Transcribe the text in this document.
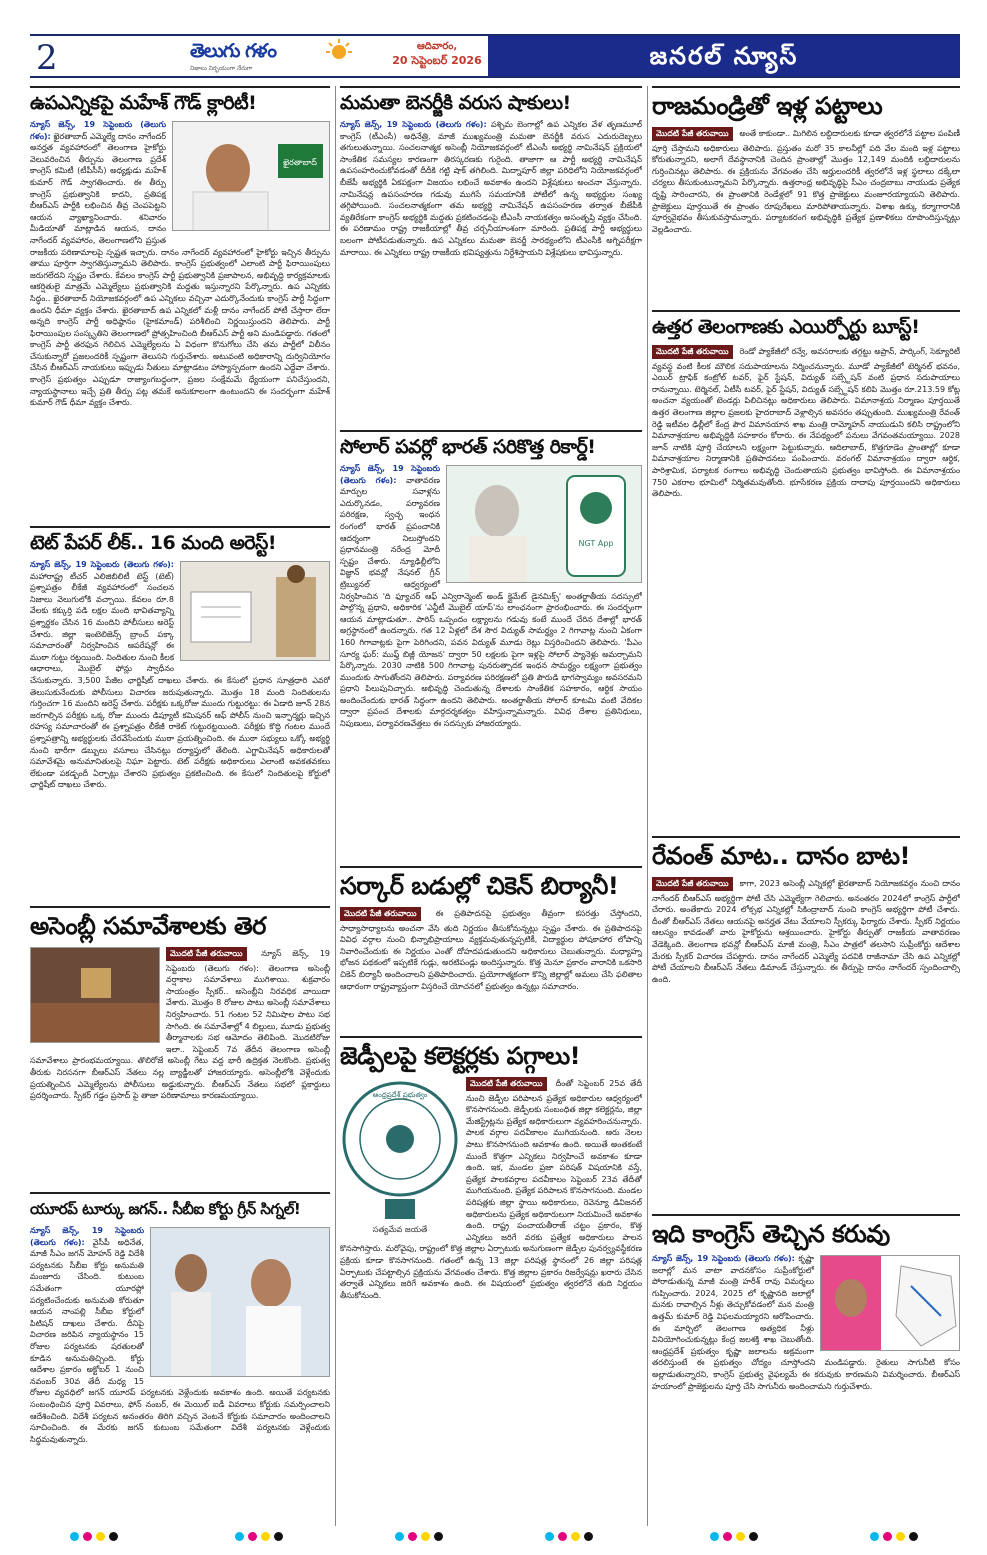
2	తెలుగు గళం
నిజాలు నిర్భయంగా నేరుగా
ఆదివారం,
20 సెప్టెంబర్ 2026	జనరల్ న్యూస్
ఉపఎన్నికపై మహేశ్ గౌడ్ క్లారిటీ!
ఖైరతాబాద్
న్యూస్ జెన్స్, 19 సెప్టెంబరు (తెలుగు గళం): ఖైరతాబాద్ ఎమ్మెల్యే దానం నాగేందర్ అనర్హత వ్యవహారంలో తెలంగాణ హైకోర్టు వెలువరించిన తీర్పును తెలంగాణ ప్రదేశ్ కాంగ్రెస్ కమిటీ (టీపీసీసీ) అధ్యక్షుడు మహేశ్ కుమార్ గౌడ్ స్వాగతించారు. ఈ తీర్పు కాంగ్రెస్ ప్రభుత్వానికి కాదని, ప్రతిపక్ష బీఆర్ఎస్ పార్టీకి లభించిన తీవ్ర చెంపపెట్టని ఆయన వ్యాఖ్యానించారు. శనివారం మీడియాతో మాట్లాడిన ఆయన, దానం నాగేందర్ వ్యవహారం, తెలంగాణలోని ప్రస్తుత రాజకీయ పరిణామాలపై స్పష్టత ఇచ్చారు. దానం నాగేందర్ వ్యవహారంలో హైకోర్టు ఇచ్చిన తీర్పును తాము పూర్తిగా స్వాగతిస్తున్నామని తెలిపారు. కాంగ్రెస్ ప్రభుత్వంలో ఎలాంటి పార్టీ ఫిరాయింపులు జరుగలేదని స్పష్టం చేశారు. కేవలం కాంగ్రెస్ పార్టీ ప్రభుత్వానికి ప్రజాపాలన, అభివృద్ధి కార్యక్రమాలకు ఆకర్షితులై మాత్రమే ఎమ్మెల్యేలు ప్రభుత్వానికి మద్దతు ఇస్తున్నారని పేర్కొన్నారు. ఉప ఎన్నికకు సిద్ధం.. ఖైరతాబాద్ నియోజకవర్గంలో ఉప ఎన్నికలు వచ్చినా ఎదుర్కొనేందుకు కాంగ్రెస్ పార్టీ సిద్ధంగా ఉందని ధీమా వ్యక్తం చేశారు. ఖైరతాబాద్ ఉప ఎన్నికలో మళ్లీ దానం నాగేందర్ పోటీ చేస్తారా లేదా అన్నది కాంగ్రెస్ పార్టీ అధిష్ఠానం (హైకమాండ్) పరిశీలించి నిర్ణయిస్తుందని తెలిపారు. పార్టీ ఫిరాయింపుల సంస్కృతిని తెలంగాణలో ప్రోత్సహించింది బీఆర్ఎస్ పార్టీ అని మండిపడ్డారు. గతంలో కాంగ్రెస్ పార్టీ తరఫున గెలిచిన ఎమ్మెల్యేలను ఏ విధంగా కొనుగోలు చేసి తమ పార్టీలో విలీనం చేసుకున్నారో ప్రజలందరికీ స్పష్టంగా తెలుసని గుర్తుచేశారు. అటువంటి అధికారాన్ని దుర్వినియోగం చేసిన బీఆర్ఎస్ నాయకులు ఇప్పుడు నీతులు మాట్లాడటం హాస్యాస్పదంగా ఉందని ఎద్దేవా చేశారు. కాంగ్రెస్ ప్రభుత్వం ఎప్పుడూ రాజ్యాంగబద్ధంగా, ప్రజల సంక్షేమమే ధ్యేయంగా పనిచేస్తుందని, న్యాయస్థానాలు ఇచ్చే ప్రతి తీర్పు పట్ల తమకే అనుకూలంగా ఉంటుందని ఈ సందర్భంగా మహేశ్ కుమార్ గౌడ్ ధీమా వ్యక్తం చేశారు.
టెట్ పేపర్ లీక్.. 16 మంది అరెస్ట్!
న్యూస్ జెన్స్, 19 సెప్టెంబరు (తెలుగు గళం): మహారాష్ట్ర టీచర్ ఎలిజిబిలిటీ టెస్ట్ (టెట్) ప్రశ్నాపత్రం లీకేజీ వ్యవహారంలో సంచలన నిజాలు వెలుగులోకి వచ్చాయి. కేవలం రూ.8 వేలకు కక్కుర్తి పడి లక్షల మంది భావితవ్యాన్ని ప్రశ్నార్థకం చేసిన 16 మందిని పోలీసులు అరెస్ట్ చేశారు. జిల్లా ఇంటెలిజెన్స్ బ్రాంచ్ పక్కా సమాచారంతో నిర్వహించిన ఆపరేషన్లో ఈ ముఠా గుట్టు రట్టయింది. నిందితుల నుంచి కీలక ఆధారాలు, మొబైల్ ఫోన్లు స్వాధీనం చేసుకున్నారు. 3,500 పేజీల ఛార్జిషీట్ దాఖలు చేశారు. ఈ కేసులో ప్రధాన సూత్రధారి ఎవరో తెలుసుకునేందుకు పోలీసులు విచారణ జరుపుతున్నారు. మొత్తం 18 మంది నిందితులను గుర్తించగా 16 మందిని అరెస్ట్ చేశారు. పరీక్షకు ఒక్కరోజు ముందు గుట్టురట్టు: ఈ ఏడాది జూన్ 28న జరగాల్సిన పరీక్షకు ఒక్క రోజు ముందు డిప్యూటీ కమిషనర్ ఆఫ్ పోలీస్ నుంచి ఇన్ఫార్మర్లు ఇచ్చిన రహస్య సమాచారంతో ఈ ప్రశ్నాపత్రం లీకేజీ రాకెట్ గుట్టురట్టయింది. పరీక్షకు కొద్ది గంటల ముందే ప్రశ్నాపత్రాన్ని అభ్యర్థులకు చేరవేసేందుకు ముఠా ప్రయత్నించింది. ఈ ముఠా సభ్యులు ఒక్కో అభ్యర్థి నుంచి భారీగా డబ్బులు వసూలు చేసినట్లు దర్యాప్తులో తేలింది. ఎగ్జామినేషన్ అధికారులతో సమావేశమై అనుమానితులపై నిఘా పెట్టారు. టెట్ పరీక్షకు అధికారులు ఎలాంటి అవకతవకలు లేకుండా పకడ్బందీ ఏర్పాట్లు చేశారని ప్రభుత్వం ప్రకటించింది. ఈ కేసులో నిందితులపై కోర్టులో ఛార్జిషీట్ దాఖలు చేశారు.
అసెంబ్లీ సమావేశాలకు తెర
మొదటి పేజీ తరువాయి న్యూస్ జెన్స్, 19 సెప్టెంబరు (తెలుగు గళం): తెలంగాణ అసెంబ్లీ వర్షాకాల సమావేశాలు ముగిశాయి. శుక్రవారం సాయంత్రం స్పీకర్.. అసెంబ్లీని నిరవధిక వాయిదా వేశారు. మొత్తం 8 రోజుల పాటు అసెంబ్లీ సమావేశాలు నిర్వహించారు. 51 గంటల 52 నిమిషాల పాటు సభ సాగింది. ఈ సమావేశాల్లో 4 బిల్లులు, మూడు ప్రభుత్వ తీర్మానాలకు సభ ఆమోదం తెలిపింది. మొదటిరోజు ఇలా.. సెప్టెంబర్ 7వ తేదీన తెలంగాణ అసెంబ్లీ సమావేశాలు ప్రారంభమయ్యాయి. తొలిరోజే అసెంబ్లీ గేటు వద్ద భారీ ఉద్రిక్తత నెలకొంది. ప్రభుత్వ తీరుకు నిరసనగా బీఆర్ఎస్ నేతలు నల్ల బ్యాడ్జీలతో హాజరయ్యారు. అసెంబ్లీలోకి వెళ్లేందుకు ప్రయత్నించిన ఎమ్మెల్యేలను పోలీసులు అడ్డుకున్నారు. బీఆర్ఎస్ నేతలు సభలో ప్లకార్డులు ప్రదర్శించారు. స్పీకర్ గడ్డం ప్రసాద్ పై తాజా పరిణామాలు కారణమయ్యాయి.
యూరప్ టూర్కు జగన్.. సీబీఐ కోర్టు గ్రీన్ సిగ్నల్!
న్యూస్ జెన్స్, 19 సెప్టెంబరు (తెలుగు గళం): వైసీపీ అధినేత, మాజీ సీఎం జగన్ మోహన్ రెడ్డి విదేశీ పర్యటనకు సీబీఐ కోర్టు అనుమతి మంజూరు చేసింది. కుటుంబ సమేతంగా యూరప్లో పర్యటించేందుకు అనుమతి కోరుతూ ఆయన నాంపల్లి సీబీఐ కోర్టులో పిటిషన్ దాఖలు చేశారు. దీనిపై విచారణ జరిపిన న్యాయస్థానం 15 రోజుల పర్యటనకు షరతులతో కూడిన అనుమతిచ్చింది. కోర్టు ఆదేశాల ప్రకారం అక్టోబర్ 1 నుంచి నవంబర్ 30వ తేదీ మధ్య 15 రోజుల వ్యవధిలో జగన్ యూరప్ పర్యటనకు వెళ్లేందుకు అవకాశం ఉంది. అయితే పర్యటనకు సంబంధించిన పూర్తి వివరాలు, ఫోన్ నంబర్, ఈ మెయిల్ ఐడీ వివరాలు కోర్టుకు సమర్పించాలని ఆదేశించింది. విదేశీ పర్యటన అనంతరం తిరిగి వచ్చిన వెంటనే కోర్టుకు సమాచారం అందించాలని సూచించింది. ఈ మేరకు జగన్ కుటుంబ సమేతంగా విదేశీ పర్యటనకు వెళ్లేందుకు సిద్ధమవుతున్నారు.
మమతా బెనర్జీకి వరుస షాకులు!
న్యూస్ జెన్స్, 19 సెప్టెంబరు (తెలుగు గళం): పశ్చిమ బెంగాల్లో ఉప ఎన్నికల వేళ తృణమూల్ కాంగ్రెస్ (టీఎంసీ) అధినేత్రి, మాజీ ముఖ్యమంత్రి మమతా బెనర్జీకి వరుస ఎదురుదెబ్బలు తగులుతున్నాయి. సంచలనాత్మక అసెంబ్లీ నియోజకవర్గంలో టీఎంసీ అభ్యర్థి నామినేషన్ ప్రక్రియలో సాంకేతిక సమస్యల కారణంగా తిరస్కరణకు గురైంది. తాజాగా ఆ పార్టీ అభ్యర్థి నామినేషన్ ఉపసంహరించుకోవడంతో దీదీకి గట్టి షాక్ తగిలింది. మిద్నాపూర్ జిల్లా పరిధిలోని నియోజకవర్గంలో బీజేపీ అభ్యర్థికి ఏకపక్షంగా విజయం లభించే అవకాశం ఉందని విశ్లేషకులు అంచనా వేస్తున్నారు. నామినేషన్ల ఉపసంహరణ గడువు ముగిసే సమయానికి పోటీలో ఉన్న అభ్యర్థుల సంఖ్య తగ్గిపోయింది. సంచలనాత్మకంగా తమ అభ్యర్థి నామినేషన్ ఉపసంహరణ తర్వాత బీజేపీకి వ్యతిరేకంగా కాంగ్రెస్ అభ్యర్థికి మద్దతు ప్రకటించడంపై టీఎంసీ నాయకత్వం అసంతృప్తి వ్యక్తం చేసింది. ఈ పరిణామం రాష్ట్ర రాజకీయాల్లో తీవ్ర చర్చనీయాంశంగా మారింది. ప్రతిపక్ష పార్టీ అభ్యర్థులు బలంగా పోటీపడుతున్నారు. ఉప ఎన్నికలు మమతా బెనర్జీ సారథ్యంలోని టీఎంసీకి అగ్నిపరీక్షగా మారాయి. ఈ ఎన్నికలు రాష్ట్ర రాజకీయ భవిష్యత్తును నిర్దేశిస్తాయని విశ్లేషకులు భావిస్తున్నారు.
సోలార్ పవర్లో భారత్ సరికొత్త రికార్డ్!
NGT App
న్యూస్ జెన్స్, 19 సెప్టెంబరు (తెలుగు గళం): వాతావరణ మార్పుల సవాళ్లను ఎదుర్కొనడం, పర్యావరణ పరిరక్షణ, స్వచ్ఛ ఇంధన రంగంలో భారత్ ప్రపంచానికి ఆదర్శంగా నిలుస్తోందని ప్రధానమంత్రి నరేంద్ర మోదీ స్పష్టం చేశారు. న్యూఢిల్లీలోని విజ్ఞాన్ భవన్లో నేషనల్ గ్రీన్ ట్రిబ్యునల్ ఆధ్వర్యంలో నిర్వహించిన 'ది ఫ్యూచర్ ఆఫ్ ఎన్విరాన్మెంట్ అండ్ క్లైమేట్ డైనమిక్స్' అంతర్జాతీయ సదస్సులో పాల్గొన్న ప్రధాని, అధికారిక 'ఎన్జీటీ మొబైల్ యాప్'ను లాంఛనంగా ప్రారంభించారు. ఈ సందర్భంగా ఆయన మాట్లాడుతూ.. పారిస్ ఒప్పందం లక్ష్యాలను గడువు కంటే ముందే చేరిన దేశాల్లో భారత్ అగ్రస్థానంలో ఉందన్నారు. గత 12 ఏళ్లలో దేశ సౌర విద్యుత్ సామర్థ్యం 2 గిగావాట్ల నుంచి ఏకంగా 160 గిగావాట్లకు పైగా పెరిగిందని, పవన విద్యుత్ మూడు రెట్లు విస్తరించిందని తెలిపారు. 'పీఎం సూర్య ఘర్: ముఫ్త్ బిజ్లీ యోజన' ద్వారా 50 లక్షలకు పైగా ఇళ్లపై సోలార్ ప్యానెళ్లు అమర్చామని పేర్కొన్నారు. 2030 నాటికి 500 గిగావాట్ల పునరుత్పాదక ఇంధన సామర్థ్యం లక్ష్యంగా ప్రభుత్వం ముందుకు సాగుతోందని తెలిపారు. పర్యావరణ పరిరక్షణలో ప్రతి పౌరుడి భాగస్వామ్యం అవసరమని ప్రధాని పిలుపునిచ్చారు. అభివృద్ధి చెందుతున్న దేశాలకు సాంకేతిక సహకారం, ఆర్థిక సాయం అందించేందుకు భారత్ సిద్ధంగా ఉందని తెలిపారు. అంతర్జాతీయ సోలార్ కూటమి వంటి వేదికల ద్వారా ప్రపంచ దేశాలకు మార్గదర్శకత్వం వహిస్తున్నామన్నారు. వివిధ దేశాల ప్రతినిధులు, నిపుణులు, పర్యావరణవేత్తలు ఈ సదస్సుకు హాజరయ్యారు.
సర్కార్ బడుల్లో చికెన్ బిర్యానీ!
మొదటి పేజీ తరువాయి ఈ ప్రతిపాదనపై ప్రభుత్వం తీవ్రంగా కసరత్తు చేస్తోందని, సాధ్యాసాధ్యాలను అంచనా వేసి తుది నిర్ణయం తీసుకోనున్నట్లు స్పష్టం చేశారు. ఈ ప్రతిపాదనపై వివిధ వర్గాల నుంచి భిన్నాభిప్రాయాలు వ్యక్తమవుతున్నప్పటికీ, విద్యార్థుల పోషకాహార లోపాన్ని నివారించేందుకు ఈ నిర్ణయం ఎంతో దోహదపడుతుందని అధికారులు చెబుతున్నారు. మధ్యాహ్న భోజన పథకంలో ఇప్పటికే గుడ్లు, అరటిపండ్లు అందిస్తున్నారు. కొత్త మెనూ ప్రకారం వారానికి ఒకసారి చికెన్ బిర్యానీ అందించాలని ప్రతిపాదించారు. ప్రయోగాత్మకంగా కొన్ని జిల్లాల్లో అమలు చేసి ఫలితాల ఆధారంగా రాష్ట్రవ్యాప్తంగా విస్తరించే యోచనలో ప్రభుత్వం ఉన్నట్లు సమాచారం.
జెడ్పీలపై కలెక్టర్లకు పగ్గాలు!
ఆంధ్రప్రదేశ్ ప్రభుత్వం
సత్యమేవ జయతే
మొదటి పేజీ తరువాయి దీంతో సెప్టెంబర్ 25వ తేదీ నుంచి జెడ్పీల పరిపాలన ప్రత్యేక అధికారుల ఆధ్వర్యంలో కొనసాగనుంది. జెడ్పీలకు సంబంధిత జిల్లా కలెక్టర్లను, జిల్లా మేజిస్ట్రేట్లను ప్రత్యేక అధికారులుగా వ్యవహరించనున్నారు. పాలక వర్గాల పదవీకాలం ముగియనుంది. ఆరు నెలల పాటు కొనసాగనుంది అవకాశం ఉంది. అయితే అంతకంటే ముందే కొత్తగా ఎన్నికలు నిర్వహించే అవకాశం కూడా ఉంది. ఇక, మండల ప్రజా పరిషత్ విషయానికి వస్తే, ప్రత్యేక పాలకవర్గాల పదవీకాలం సెప్టెంబర్ 23వ తేదీతో ముగియనుంది. ప్రత్యేక పరిపాలన కొనసాగనుంది. మండల పరిషత్లకు జిల్లా స్థాయి అధికారులు, రెవెన్యూ డివిజనల్ అధికారులను ప్రత్యేక అధికారులుగా నియమించే అవకాశం ఉంది. రాష్ట్ర పంచాయతీరాజ్ చట్టం ప్రకారం, కొత్త ఎన్నికలు జరిగే వరకు ప్రత్యేక అధికారులు పాలన కొనసాగిస్తారు. మరోవైపు, రాష్ట్రంలో కొత్త జిల్లాల ఏర్పాటుకు అనుగుణంగా జెడ్పీల పునర్వ్యవస్థీకరణ ప్రక్రియ కూడా కొనసాగనుంది. గతంలో ఉన్న 13 జిల్లా పరిషత్ల స్థానంలో 26 జిల్లా పరిషత్ల ఏర్పాటుకు చేపట్టాల్సిన ప్రక్రియను వేగవంతం చేశారు. కొత్త జిల్లాల ప్రకారం రిజర్వేషన్లు ఖరారు చేసిన తర్వాతే ఎన్నికలు జరిగే అవకాశం ఉంది. ఈ విషయంలో ప్రభుత్వం త్వరలోనే తుది నిర్ణయం తీసుకోనుంది.
రాజమండ్రితో ఇళ్ల పట్టాలు
మొదటి పేజీ తరువాయి అంతే కాకుండా.. మిగిలిన లబ్ధిదారులకు కూడా త్వరలోనే పట్టాల పంపిణీ పూర్తి చేస్తామని అధికారులు తెలిపారు. ప్రస్తుతం మరో 35 కాలనీల్లో పది వేల మంది ఇళ్ల పట్టాలు కోరుతున్నారని, అలాగే దేవస్థానానికి చెందిన ప్రాంతాల్లో మొత్తం 12,149 మందికి లబ్ధిదారులను గుర్తించినట్లు తెలిపారు. ఈ ప్రక్రియను వేగవంతం చేసి అర్హులందరికీ త్వరలోనే ఇళ్ల స్థలాలు దక్కేలా చర్యలు తీసుకుంటున్నామని పేర్కొన్నారు. ఉత్తరాంధ్ర అభివృద్ధిపై సీఎం చంద్రబాబు నాయుడు ప్రత్యేక దృష్టి సారించారని, ఈ ప్రాంతానికి రెండేళ్లలో 91 కొత్త ప్రాజెక్టులు మంజూరయ్యాయని తెలిపారు. ప్రాజెక్టులు పూర్తయితే ఈ ప్రాంతం రూపురేఖలు మారిపోతాయన్నారు. విశాఖ ఉక్కు కర్మాగారానికి పూర్వవైభవం తీసుకువస్తామన్నారు. పర్యాటకరంగ అభివృద్ధికి ప్రత్యేక ప్రణాళికలు రూపొందిస్తున్నట్లు వెల్లడించారు.
ఉత్తర తెలంగాణకు ఎయిర్పోర్టు బూస్ట్!
మొదటి పేజీ తరువాయి రెండో ప్యాకేజీలో రన్వే, అవసరాలకు తగ్గట్టు అప్రాన్, పార్కింగ్, సెక్యూరిటీ వ్యవస్థ వంటి కీలక మౌలిక సదుపాయాలను నిర్మించనున్నారు. మూడో ప్యాకేజీలో టెర్మినల్ భవనం, ఎయిర్ ట్రాఫిక్ కంట్రోల్ టవర్, ఫైర్ స్టేషన్, విద్యుత్ సబ్స్టేషన్ వంటి ప్రధాన సదుపాయాలు రానున్నాయి. టెర్మినల్, ఏటీసీ టవర్, ఫైర్ స్టేషన్, విద్యుత్ సబ్స్టేషన్ కలిపి మొత్తం రూ.213.59 కోట్ల అంచనా వ్యయంతో టెండర్లు పిలిచినట్లు అధికారులు తెలిపారు. విమానాశ్రయ నిర్మాణం పూర్తయితే ఉత్తర తెలంగాణ జిల్లాల ప్రజలకు హైదరాబాద్ వెళ్లాల్సిన అవసరం తప్పుతుంది. ముఖ్యమంత్రి రేవంత్ రెడ్డి ఇటీవల ఢిల్లీలో కేంద్ర పౌర విమానయాన శాఖ మంత్రి రామ్మోహన్ నాయుడుని కలిసి రాష్ట్రంలోని విమానాశ్రయాల అభివృద్ధికి సహకారం కోరారు. ఈ నేపథ్యంలో పనులు వేగవంతమయ్యాయి. 2028 జూన్ నాటికి పూర్తి చేయాలని లక్ష్యంగా పెట్టుకున్నారు. ఆదిలాబాద్, కొత్తగూడెం ప్రాంతాల్లో కూడా విమానాశ్రయాల నిర్మాణానికి ప్రతిపాదనలు పంపించారు. వరంగల్ విమానాశ్రయం ద్వారా ఆర్థిక, పారిశ్రామిక, పర్యాటక రంగాలు అభివృద్ధి చెందుతాయని ప్రభుత్వం భావిస్తోంది. ఈ విమానాశ్రయం 750 ఎకరాల భూమిలో నిర్మితమవుతోంది. భూసేకరణ ప్రక్రియ దాదాపు పూర్తయిందని అధికారులు తెలిపారు.
రేవంత్ మాట.. దానం బాట!
మొదటి పేజీ తరువాయి కాగా, 2023 అసెంబ్లీ ఎన్నికల్లో ఖైరతాబాద్ నియోజకవర్గం నుంచి దానం నాగేందర్ బీఆర్ఎస్ అభ్యర్థిగా పోటీ చేసి ఎమ్మెల్యేగా గెలిచారు. అనంతరం 2024లో కాంగ్రెస్ పార్టీలో చేరారు. అంతేకాదు 2024 లోక్సభ ఎన్నికల్లో సికింద్రాబాద్ నుంచి కాంగ్రెస్ అభ్యర్థిగా పోటీ చేశారు. దీంతో బీఆర్ఎస్ నేతలు ఆయనపై అనర్హత వేటు వేయాలని స్పీకర్కు ఫిర్యాదు చేశారు. స్పీకర్ నిర్ణయం ఆలస్యం కావడంతో వారు హైకోర్టును ఆశ్రయించారు. హైకోర్టు తీర్పుతో రాజకీయ వాతావరణం వేడెక్కింది. తెలంగాణ భవన్లో బీఆర్ఎస్ మాజీ మంత్రి, సీఎం పాత్రలో తలసాని సుప్రీంకోర్టు ఆదేశాల మేరకు స్పీకర్ విచారణ చేపట్టారు. దానం నాగేందర్ ఎమ్మెల్యే పదవికి రాజీనామా చేసి ఉప ఎన్నికల్లో పోటీ చేయాలని బీఆర్ఎస్ నేతలు డిమాండ్ చేస్తున్నారు. ఈ తీర్పుపై దానం నాగేందర్ స్పందించాల్సి ఉంది.
ఇది కాంగ్రెస్ తెచ్చిన కరువు
న్యూస్ జెన్స్, 19 సెప్టెంబరు (తెలుగు గళం): కృష్ణా జలాల్లో మన వాటా వాదనకోసం సుప్రీంకోర్టులో పోరాడుతున్న మాజీ మంత్రి హరీశ్ రావు విమర్శలు గుప్పించారు. 2024, 2025 లో కృష్ణానది జలాల్లో మనకు రావాల్సిన నీళ్లు తెచ్చుకోవడంలో మన మంత్రి ఉత్తమ్ కుమార్ రెడ్డి విఫలమయ్యారని ఆరోపించారు. ఈ మార్చిలో తెలంగాణ అత్యధిక నీళ్లు వినియోగించుకున్నట్లు కేంద్ర జలశక్తి శాఖ చెబుతోంది. ఆంధ్రప్రదేశ్ ప్రభుత్వం కృష్ణా జలాలను అక్రమంగా తరలిస్తుంటే ఈ ప్రభుత్వం చోద్యం చూస్తోందని మండిపడ్డారు. రైతులు సాగునీటి కోసం అల్లాడుతున్నారని, కాంగ్రెస్ ప్రభుత్వ వైఫల్యమే ఈ కరువుకు కారణమని విమర్శించారు. బీఆర్ఎస్ హయాంలో ప్రాజెక్టులను పూర్తి చేసి సాగునీరు అందించామని గుర్తుచేశారు.
